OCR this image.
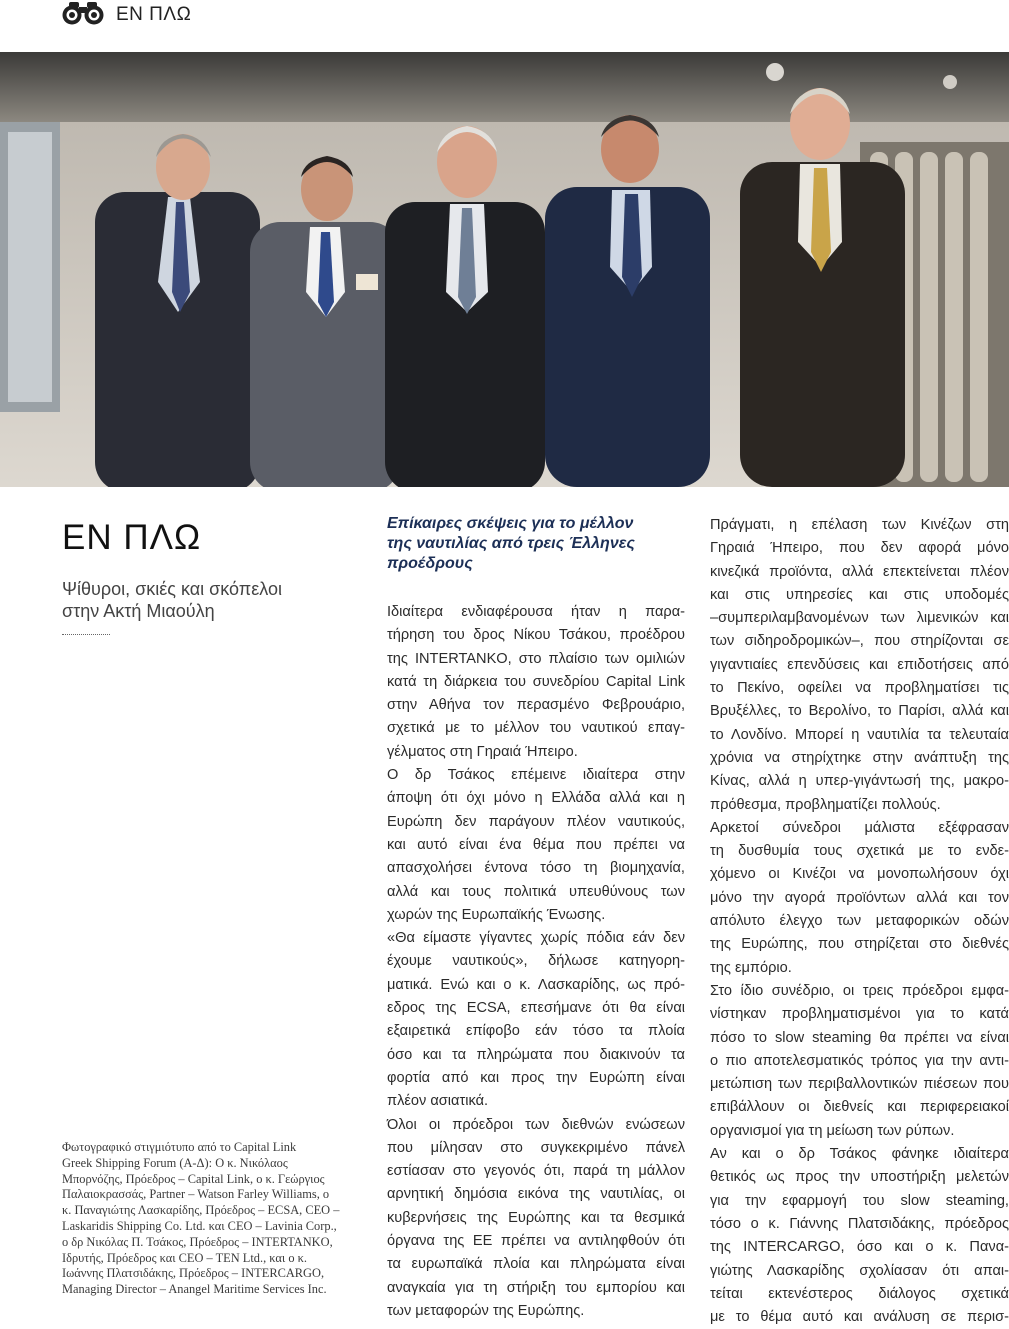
ΕΝ ΠΛΩ
ΕΝ ΠΛΩ
Ψίθυροι, σκιές και σκόπελοι
στην Ακτή Μιαούλη
Φωτογραφικό στιγμιότυπο από το Capital Link
Greek Shipping Forum (Α-Δ): Ο κ. Νικόλαος
Μπορνόζης, Πρόεδρος – Capital Link, o κ. Γεώργιος
Παλαιοκρασσάς, Partner – Watson Farley Williams, ο
κ. Παναγιώτης Λασκαρίδης, Πρόεδρος – ECSA, CEO –
Laskaridis Shipping Co. Ltd. και CEO – Lavinia Corp.,
ο δρ Νικόλας Π. Τσάκος, Πρόεδρος – INTERTANKO,
Ιδρυτής, Πρόεδρος και CEO – TEN Ltd., και ο κ.
Ιωάννης Πλατσιδάκης, Πρόεδρος – INTERCARGO,
Managing Director – Anangel Maritime Services Inc.
Επίκαιρες σκέψεις για το μέλλον
της ναυτιλίας από τρεις Έλληνες
προέδρους
Ιδιαίτερα ενδιαφέρουσα ήταν η παρα-
τήρηση του δρος Νίκου Τσάκου, προέδρου
της INTERTANKO, στο πλαίσιο των ομιλιών
κατά τη διάρκεια του συνεδρίου Capital Link
στην Αθήνα τον περασμένο Φεβρουάριο,
σχετικά με το μέλλον του ναυτικού επαγ-
γέλματος στη Γηραιά Ήπειρο.
Ο δρ Τσάκος επέμεινε ιδιαίτερα στην
άποψη ότι όχι μόνο η Ελλάδα αλλά και η
Ευρώπη δεν παράγουν πλέον ναυτικούς,
και αυτό είναι ένα θέμα που πρέπει να
απασχολήσει έντονα τόσο τη βιομηχανία,
αλλά και τους πολιτικά υπευθύνους των
χωρών της Ευρωπαϊκής Ένωσης.
«Θα είμαστε γίγαντες χωρίς πόδια εάν δεν
έχουμε ναυτικούς», δήλωσε κατηγορη-
ματικά. Ενώ και ο κ. Λασκαρίδης, ως πρό-
εδρος της ECSA, επεσήμανε ότι θα είναι
εξαιρετικά επίφοβο εάν τόσο τα πλοία
όσο και τα πληρώματα που διακινούν τα
φορτία από και προς την Ευρώπη είναι
πλέον ασιατικά.
Όλοι οι πρόεδροι των διεθνών ενώσεων
που μίλησαν στο συγκεκριμένο πάνελ
εστίασαν στο γεγονός ότι, παρά τη μάλλον
αρνητική δημόσια εικόνα της ναυτιλίας, οι
κυβερνήσεις της Ευρώπης και τα θεσμικά
όργανα της ΕΕ πρέπει να αντιληφθούν ότι
τα ευρωπαϊκά πλοία και πληρώματα είναι
αναγκαία για τη στήριξη του εμπορίου και
των μεταφορών της Ευρώπης.
Πράγματι, η επέλαση των Κινέζων στη
Γηραιά Ήπειρο, που δεν αφορά μόνο
κινεζικά προϊόντα, αλλά επεκτείνεται πλέον
και στις υπηρεσίες και στις υποδομές
–συμπεριλαμβανομένων των λιμενικών και
των σιδηροδρομικών–, που στηρίζονται σε
γιγαντιαίες επενδύσεις και επιδοτήσεις από
το Πεκίνο, οφείλει να προβληματίσει τις
Βρυξέλλες, το Βερολίνο, το Παρίσι, αλλά και
το Λονδίνο. Μπορεί η ναυτιλία τα τελευταία
χρόνια να στηρίχτηκε στην ανάπτυξη της
Κίνας, αλλά η υπερ-γιγάντωσή της, μακρο-
πρόθεσμα, προβληματίζει πολλούς.
Αρκετοί σύνεδροι μάλιστα εξέφρασαν
τη δυσθυμία τους σχετικά με το ενδε-
χόμενο οι Κινέζοι να μονοπωλήσουν όχι
μόνο την αγορά προϊόντων αλλά και τον
απόλυτο έλεγχο των μεταφορικών οδών
της Ευρώπης, που στηρίζεται στο διεθνές
της εμπόριο.
Στο ίδιο συνέδριο, οι τρεις πρόεδροι εμφα-
νίστηκαν προβληματισμένοι για το κατά
πόσο το slow steaming θα πρέπει να είναι
ο πιο αποτελεσματικός τρόπος για την αντι-
μετώπιση των περιβαλλοντικών πιέσεων που
επιβάλλουν οι διεθνείς και περιφερειακοί
οργανισμοί για τη μείωση των ρύπων.
Αν και ο δρ Τσάκος φάνηκε ιδιαίτερα
θετικός ως προς την υποστήριξη μελετών
για την εφαρμογή του slow steaming,
τόσο ο κ. Γιάννης Πλατσιδάκης, πρόεδρος
της INTERCARGO, όσο και ο κ. Πανα-
γιώτης Λασκαρίδης σχολίασαν ότι απαι-
τείται εκτενέστερος διάλογος σχετικά
με το θέμα αυτό και ανάλυση σε περισ-
